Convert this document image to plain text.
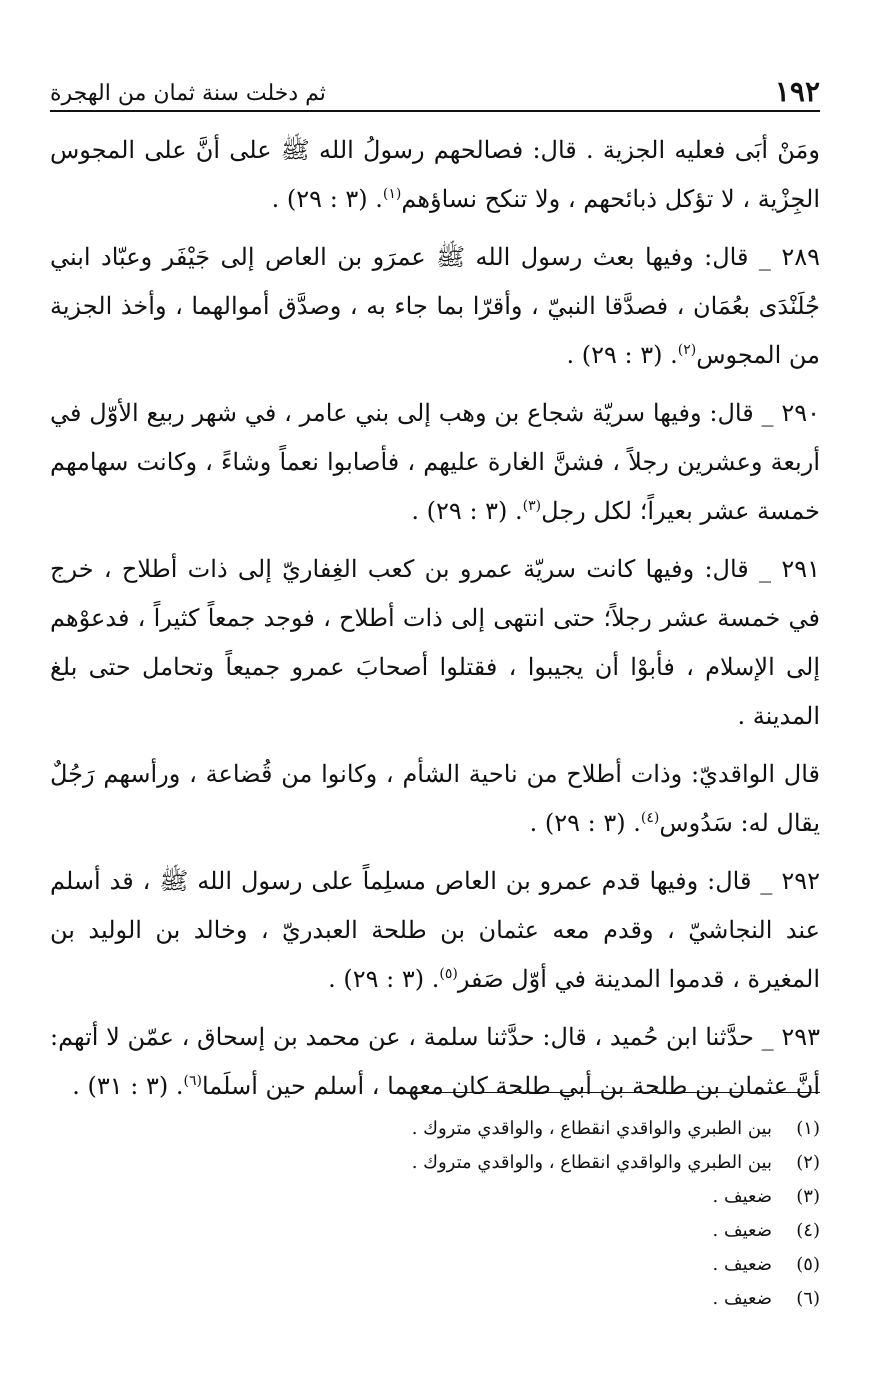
١٩٢
ثم دخلت سنة ثمان من الهجرة

ومَنْ أبَى فعليه الجزية . قال: فصالحهم رسولُ الله ﷺ على أنَّ على المجوس الجِزْية ، لا تؤكل ذبائحهم ، ولا تنكح نساؤهم$^{(١)}$. (٣ : ٢٩) .

٢٨٩ _ قال: وفيها بعث رسول الله ﷺ عمرَو بن العاص إلى جَيْفَر وعبّاد ابني جُلَنْدَى بعُمَان ، فصدَّقا النبيّ ، وأقرّا بما جاء به ، وصدَّق أموالهما ، وأخذ الجزية من المجوس$^{(٢)}$. (٣ : ٢٩) .

٢٩٠ _ قال: وفيها سريّة شجاع بن وهب إلى بني عامر ، في شهر ربيع الأوّل في أربعة وعشرين رجلاً ، فشنَّ الغارة عليهم ، فأصابوا نعماً وشاءً ، وكانت سهامهم خمسة عشر بعيراً؛ لكل رجل$^{(٣)}$. (٣ : ٢٩) .

٢٩١ _ قال: وفيها كانت سريّة عمرو بن كعب الغِفاريّ إلى ذات أطلاح ، خرج في خمسة عشر رجلاً؛ حتى انتهى إلى ذات أطلاح ، فوجد جمعاً كثيراً ، فدعوْهم إلى الإسلام ، فأبوْا أن يجيبوا ، فقتلوا أصحابَ عمرو جميعاً وتحامل حتى بلغ المدينة .

قال الواقديّ: وذات أطلاح من ناحية الشأم ، وكانوا من قُضاعة ، ورأسهم رَجُلٌ يقال له: سَدُوس$^{(٤)}$. (٣ : ٢٩) .

٢٩٢ _ قال: وفيها قدم عمرو بن العاص مسلِماً على رسول الله ﷺ ، قد أسلم عند النجاشيّ ، وقدم معه عثمان بن طلحة العبدريّ ، وخالد بن الوليد بن المغيرة ، قدموا المدينة في أوّل صَفر$^{(٥)}$. (٣ : ٢٩) .

٢٩٣ _ حدَّثنا ابن حُميد ، قال: حدَّثنا سلمة ، عن محمد بن إسحاق ، عمّن لا أتهم: أنَّ عثمان بن طلحة بن أبي طلحة كان معهما ، أسلم حين أسلَما$^{(٦)}$. (٣ : ٣١) .

(١)
بين الطبري والواقدي انقطاع ، والواقدي متروك .
(٢)
بين الطبري والواقدي انقطاع ، والواقدي متروك .
(٣)
ضعيف .
(٤)
ضعيف .
(٥)
ضعيف .
(٦)
ضعيف .
